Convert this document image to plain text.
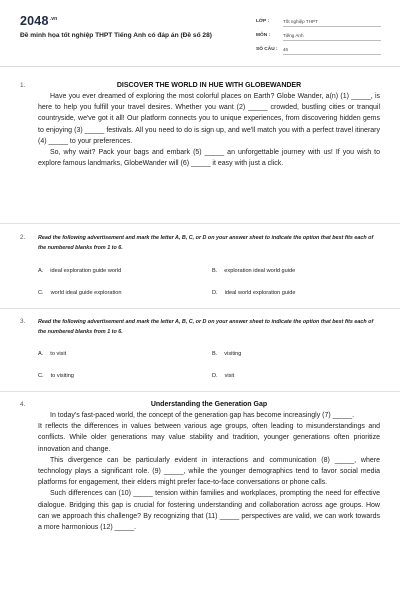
$2048^{.vn}$
Đề minh họa tốt nghiệp THPT Tiếng Anh có đáp án (Đề số 28)
LỚP :	Tốt nghiệp THPT
MÔN :	Tiếng Anh
SỐ CÂU : 46
1.	DISCOVER THE WORLD IN HUE WITH GLOBEWANDER

Have you ever dreamed of exploring the most colorful places on Earth? Globe Wander, a(n) (1) _____, is here to help you fulfill your travel desires. Whether you want (2) _____ crowded, bustling cities or tranquil countryside, we've got it all! Our platform connects you to unique experiences, from discovering hidden gems to enjoying (3) _____ festivals. All you need to do is sign up, and we'll match you with a perfect travel itinerary (4) _____ to your preferences.

So, why wait? Pack your bags and embark (5) _____ an unforgettable journey with us! If you wish to explore famous landmarks, GlobeWander will (6) _____ it easy with just a click.

2. Read the following advertisement and mark the letter A, B, C, or D on your answer sheet to indicate the option that best fits each of the numbered blanks from 1 to 6.

A. ideal exploration guide world	B. exploration ideal world guide
C. world ideal guide exploration	D. ideal world exploration guide
3. Read the following advertisement and mark the letter A, B, C, or D on your answer sheet to indicate the option that best fits each of the numbered blanks from 1 to 6.

A. to visit	B. visiting
C. to visiting	D. visit
4.	Understanding the Generation Gap

In today's fast-paced world, the concept of the generation gap has become increasingly (7) _____.

It reflects the differences in values between various age groups, often leading to misunderstandings and conflicts. While older generations may value stability and tradition, younger generations often prioritize innovation and change.

This divergence can be particularly evident in interactions and communication (8) _____, where technology plays a significant role. (9) _____, while the younger demographics tend to favor social media platforms for engagement, their elders might prefer face-to-face conversations or phone calls.

Such differences can (10) _____ tension within families and workplaces, prompting the need for effective dialogue. Bridging this gap is crucial for fostering understanding and collaboration across age groups. How can we approach this challenge? By recognizing that (11) _____ perspectives are valid, we can work towards a more harmonious (12) _____.
